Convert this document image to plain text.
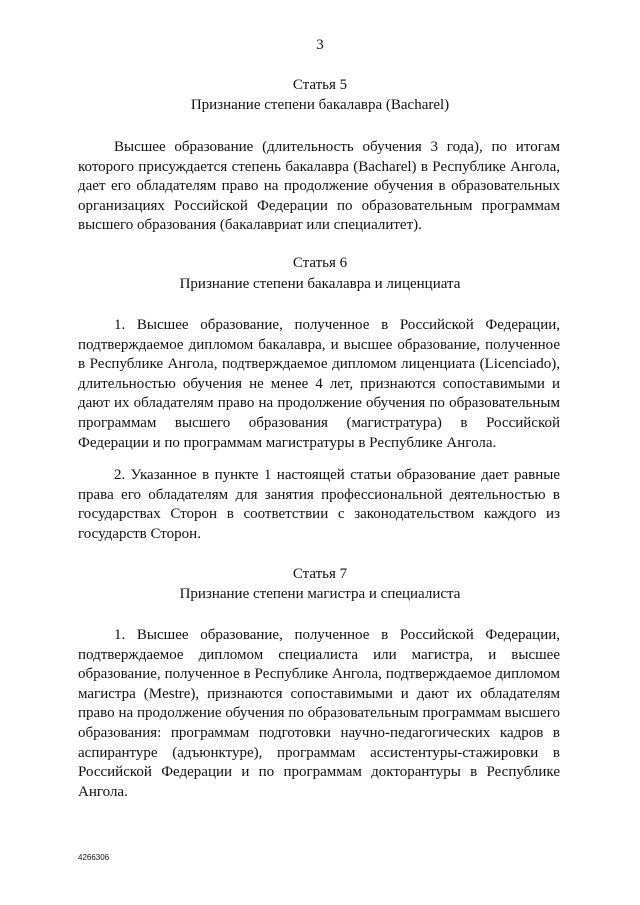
3
Статья 5
Признание степени бакалавра (Bacharel)

Высшее образование (длительность обучения 3 года), по итогам которого присуждается степень бакалавра (Bacharel) в Республике Ангола, дает его обладателям право на продолжение обучения в образовательных организациях Российской Федерации по образовательным программам высшего образования (бакалавриат или специалитет).

Статья 6
Признание степени бакалавра и лиценциата

1. Высшее образование, полученное в Российской Федерации, подтверждаемое дипломом бакалавра, и высшее образование, полученное в Республике Ангола, подтверждаемое дипломом лиценциата (Licenciado), длительностью обучения не менее 4 лет, признаются сопоставимыми и дают их обладателям право на продолжение обучения по образовательным программам высшего образования (магистратура) в Российской Федерации и по программам магистратуры в Республике Ангола.

2. Указанное в пункте 1 настоящей статьи образование дает равные права его обладателям для занятия профессиональной деятельностью в государствах Сторон в соответствии с законодательством каждого из государств Сторон.

Статья 7
Признание степени магистра и специалиста

1. Высшее образование, полученное в Российской Федерации, подтверждаемое дипломом специалиста или магистра, и высшее образование, полученное в Республике Ангола, подтверждаемое дипломом магистра (Mestre), признаются сопоставимыми и дают их обладателям право на продолжение обучения по образовательным программам высшего образования: программам подготовки научно-педагогических кадров в аспирантуре (адъюнктуре), программам ассистентуры-стажировки в Российской Федерации и по программам докторантуры в Республике Ангола.

4266306
